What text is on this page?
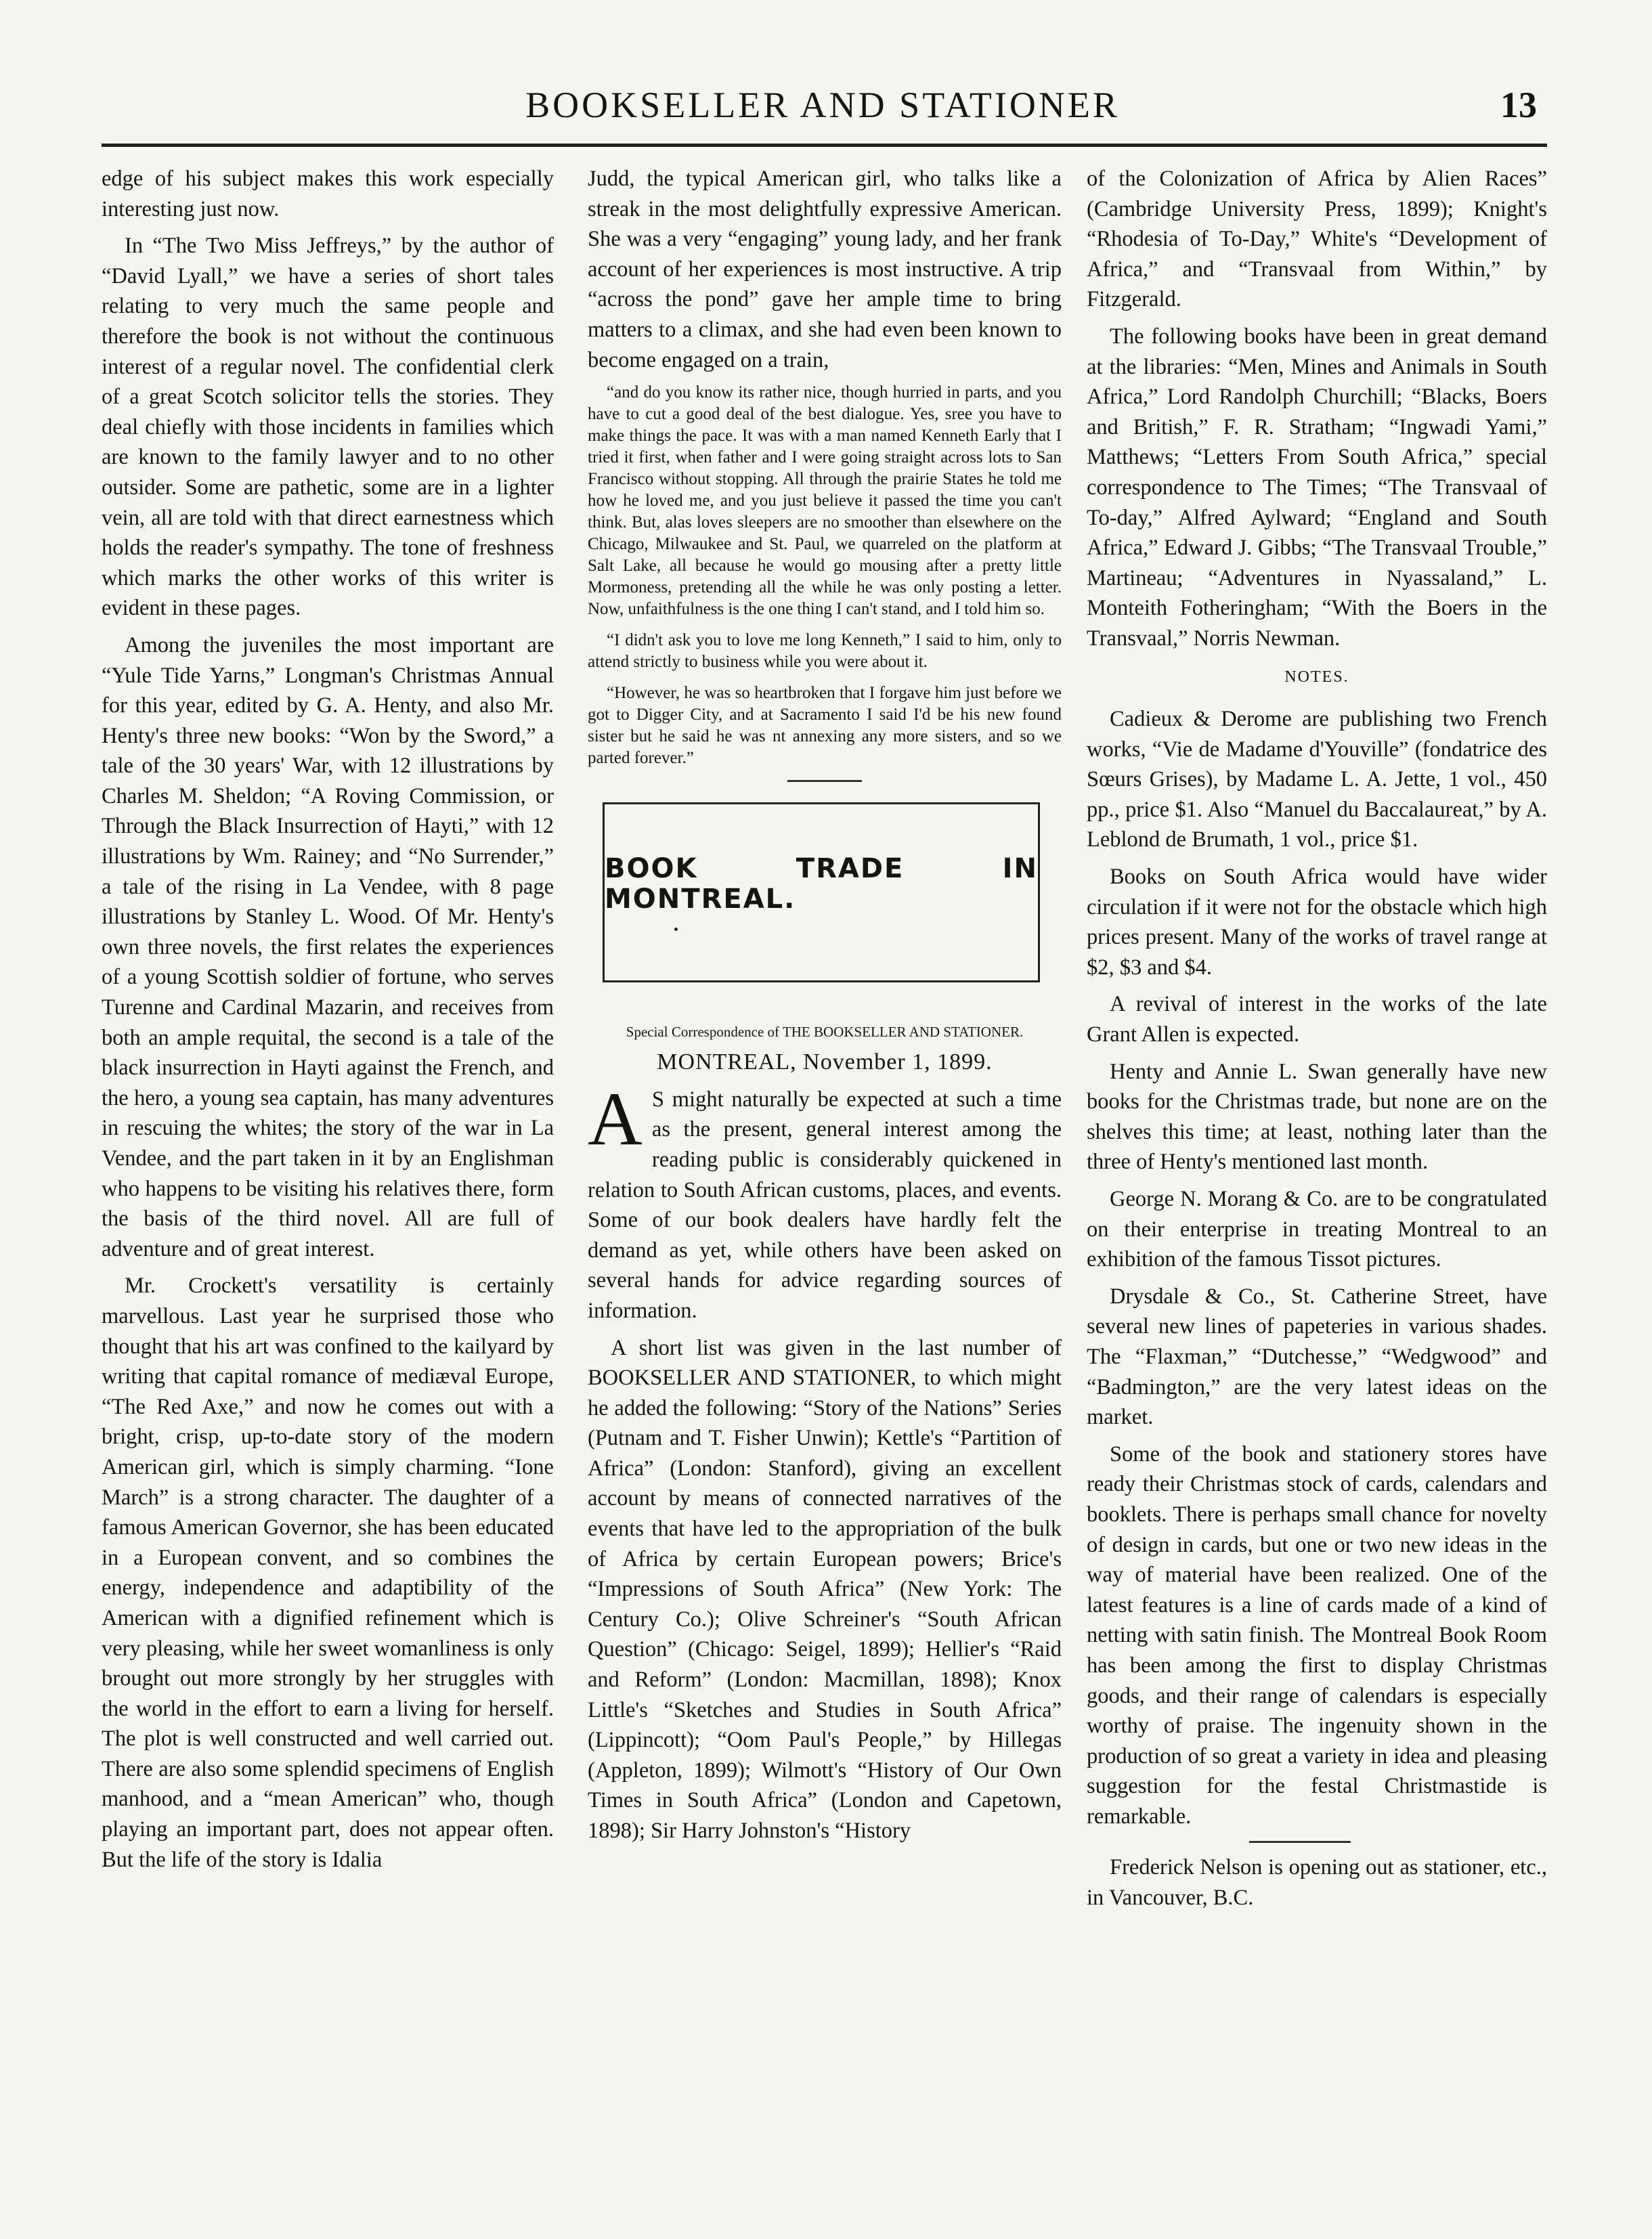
BOOKSELLER AND STATIONER	13

edge of his subject makes this work especially interesting just now.

In “The Two Miss Jeffreys,” by the author of “David Lyall,” we have a series of short tales relating to very much the same people and therefore the book is not without the continuous interest of a regular novel. The confidential clerk of a great Scotch solicitor tells the stories. They deal chiefly with those incidents in families which are known to the family lawyer and to no other outsider. Some are pathetic, some are in a lighter vein, all are told with that direct earnestness which holds the reader's sympathy. The tone of freshness which marks the other works of this writer is evident in these pages.

Among the juveniles the most important are “Yule Tide Yarns,” Longman's Christmas Annual for this year, edited by G. A. Henty, and also Mr. Henty's three new books: “Won by the Sword,” a tale of the 30 years' War, with 12 illustrations by Charles M. Sheldon; “A Roving Commission, or Through the Black Insurrection of Hayti,” with 12 illustrations by Wm. Rainey; and “No Surrender,” a tale of the rising in La Vendee, with 8 page illustrations by Stanley L. Wood. Of Mr. Henty's own three novels, the first relates the experiences of a young Scottish soldier of fortune, who serves Turenne and Cardinal Mazarin, and receives from both an ample requital, the second is a tale of the black insurrection in Hayti against the French, and the hero, a young sea captain, has many adventures in rescuing the whites; the story of the war in La Vendee, and the part taken in it by an Englishman who happens to be visiting his relatives there, form the basis of the third novel. All are full of adventure and of great interest.

Mr. Crockett's versatility is certainly marvellous. Last year he surprised those who thought that his art was confined to the kailyard by writing that capital romance of mediæval Europe, “The Red Axe,” and now he comes out with a bright, crisp, up-to-date story of the modern American girl, which is simply charming. “Ione March” is a strong character. The daughter of a famous American Governor, she has been educated in a European convent, and so combines the energy, independence and adaptibility of the American with a dignified refinement which is very pleasing, while her sweet womanliness is only brought out more strongly by her struggles with the world in the effort to earn a living for herself. The plot is well constructed and well carried out. There are also some splendid specimens of English manhood, and a “mean American” who, though playing an important part, does not appear often. But the life of the story is Idalia

Judd, the typical American girl, who talks like a streak in the most delightfully expressive American. She was a very “engaging” young lady, and her frank account of her experiences is most instructive. A trip “across the pond” gave her ample time to bring matters to a climax, and she had even been known to become engaged on a train,

“and do you know its rather nice, though hurried in parts, and you have to cut a good deal of the best dialogue. Yes, sree you have to make things the pace. It was with a man named Kenneth Early that I tried it first, when father and I were going straight across lots to San Francisco without stopping. All through the prairie States he told me how he loved me, and you just believe it passed the time you can't think. But, alas loves sleepers are no smoother than elsewhere on the Chicago, Milwaukee and St. Paul, we quarreled on the platform at Salt Lake, all because he would go mousing after a pretty little Mormoness, pretending all the while he was only posting a letter. Now, unfaithfulness is the one thing I can't stand, and I told him so.

“I didn't ask you to love me long Kenneth,” I said to him, only to attend strictly to business while you were about it.

“However, he was so heartbroken that I forgave him just before we got to Digger City, and at Sacramento I said I'd be his new found sister but he said he was nt annexing any more sisters, and so we parted forever.”

BOOK TRADE IN MONTREAL.
Special Correspondence of THE BOOKSELLER AND STATIONER.
MONTREAL, November 1, 1899.

A S might naturally be expected at such a time as the present, general interest among the reading public is considerably quickened in relation to South African customs, places, and events. Some of our book dealers have hardly felt the demand as yet, while others have been asked on several hands for advice regarding sources of information.

A short list was given in the last number of BOOKSELLER AND STATIONER, to which might he added the following: “Story of the Nations” Series (Putnam and T. Fisher Unwin); Kettle's “Partition of Africa” (London: Stanford), giving an excellent account by means of connected narratives of the events that have led to the appropriation of the bulk of Africa by certain European powers; Brice's “Impressions of South Africa” (New York: The Century Co.); Olive Schreiner's “South African Question” (Chicago: Seigel, 1899); Hellier's “Raid and Reform” (London: Macmillan, 1898); Knox Little's “Sketches and Studies in South Africa” (Lippincott); “Oom Paul's People,” by Hillegas (Appleton, 1899); Wilmott's “History of Our Own Times in South Africa” (London and Capetown, 1898); Sir Harry Johnston's “History

of the Colonization of Africa by Alien Races” (Cambridge University Press, 1899); Knight's “Rhodesia of To-Day,” White's “Development of Africa,” and “Transvaal from Within,” by Fitzgerald.

The following books have been in great demand at the libraries: “Men, Mines and Animals in South Africa,” Lord Randolph Churchill; “Blacks, Boers and British,” F. R. Stratham; “Ingwadi Yami,” Matthews; “Letters From South Africa,” special correspondence to The Times; “The Transvaal of To-day,” Alfred Aylward; “England and South Africa,” Edward J. Gibbs; “The Transvaal Trouble,” Martineau; “Adventures in Nyassaland,” L. Monteith Fotheringham; “With the Boers in the Transvaal,” Norris Newman.

NOTES.

Cadieux & Derome are publishing two French works, “Vie de Madame d'Youville” (fondatrice des Sœurs Grises), by Madame L. A. Jette, 1 vol., 450 pp., price $1. Also “Manuel du Baccalaureat,” by A. Leblond de Brumath, 1 vol., price $1.

Books on South Africa would have wider circulation if it were not for the obstacle which high prices present. Many of the works of travel range at $2, $3 and $4.

A revival of interest in the works of the late Grant Allen is expected.

Henty and Annie L. Swan generally have new books for the Christmas trade, but none are on the shelves this time; at least, nothing later than the three of Henty's mentioned last month.

George N. Morang & Co. are to be congratulated on their enterprise in treating Montreal to an exhibition of the famous Tissot pictures.

Drysdale & Co., St. Catherine Street, have several new lines of papeteries in various shades. The “Flaxman,” “Dutchesse,” “Wedgwood” and “Badmington,” are the very latest ideas on the market.

Some of the book and stationery stores have ready their Christmas stock of cards, calendars and booklets. There is perhaps small chance for novelty of design in cards, but one or two new ideas in the way of material have been realized. One of the latest features is a line of cards made of a kind of netting with satin finish. The Montreal Book Room has been among the first to display Christmas goods, and their range of calendars is especially worthy of praise. The ingenuity shown in the production of so great a variety in idea and pleasing suggestion for the festal Christmastide is remarkable.

Frederick Nelson is opening out as stationer, etc., in Vancouver, B.C.
